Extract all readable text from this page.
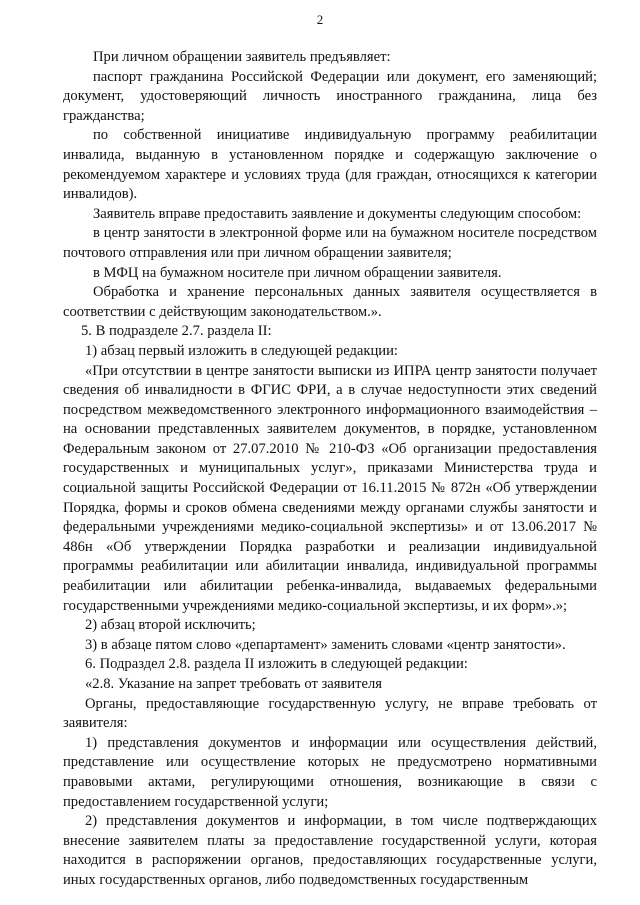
2

При личном обращении заявитель предъявляет:

паспорт гражданина Российской Федерации или документ, его заменяющий; документ, удостоверяющий личность иностранного гражданина, лица без гражданства;

по собственной инициативе индивидуальную программу реабилитации инвалида, выданную в установленном порядке и содержащую заключение о рекомендуемом характере и условиях труда (для граждан, относящихся к категории инвалидов).

Заявитель вправе предоставить заявление и документы следующим способом:

в центр занятости в электронной форме или на бумажном носителе посредством почтового отправления или при личном обращении заявителя;

в МФЦ на бумажном носителе при личном обращении заявителя.

Обработка и хранение персональных данных заявителя осуществляется в соответствии с действующим законодательством.».

5. В подразделе 2.7. раздела II:

1) абзац первый изложить в следующей редакции:

«При отсутствии в центре занятости выписки из ИПРА центр занятости получает сведения об инвалидности в ФГИС ФРИ, а в случае недоступности этих сведений посредством межведомственного электронного информационного взаимодействия – на основании представленных заявителем документов, в порядке, установленном Федеральным законом от 27.07.2010 № 210-ФЗ «Об организации предоставления государственных и муниципальных услуг», приказами Министерства труда и социальной защиты Российской Федерации от 16.11.2015 № 872н «Об утверждении Порядка, формы и сроков обмена сведениями между органами службы занятости и федеральными учреждениями медико-социальной экспертизы» и от 13.06.2017 № 486н «Об утверждении Порядка разработки и реализации индивидуальной программы реабилитации или абилитации инвалида, индивидуальной программы реабилитации или абилитации ребенка-инвалида, выдаваемых федеральными государственными учреждениями медико-социальной экспертизы, и их форм».»;

2) абзац второй исключить;

3) в абзаце пятом слово «департамент» заменить словами «центр занятости».

6. Подраздел 2.8. раздела II изложить в следующей редакции:

«2.8. Указание на запрет требовать от заявителя

Органы, предоставляющие государственную услугу, не вправе требовать от заявителя:

1) представления документов и информации или осуществления действий, представление или осуществление которых не предусмотрено нормативными правовыми актами, регулирующими отношения, возникающие в связи с предоставлением государственной услуги;

2) представления документов и информации, в том числе подтверждающих внесение заявителем платы за предоставление государственной услуги, которая находится в распоряжении органов, предоставляющих государственные услуги, иных государственных органов, либо подведомственных государственным
